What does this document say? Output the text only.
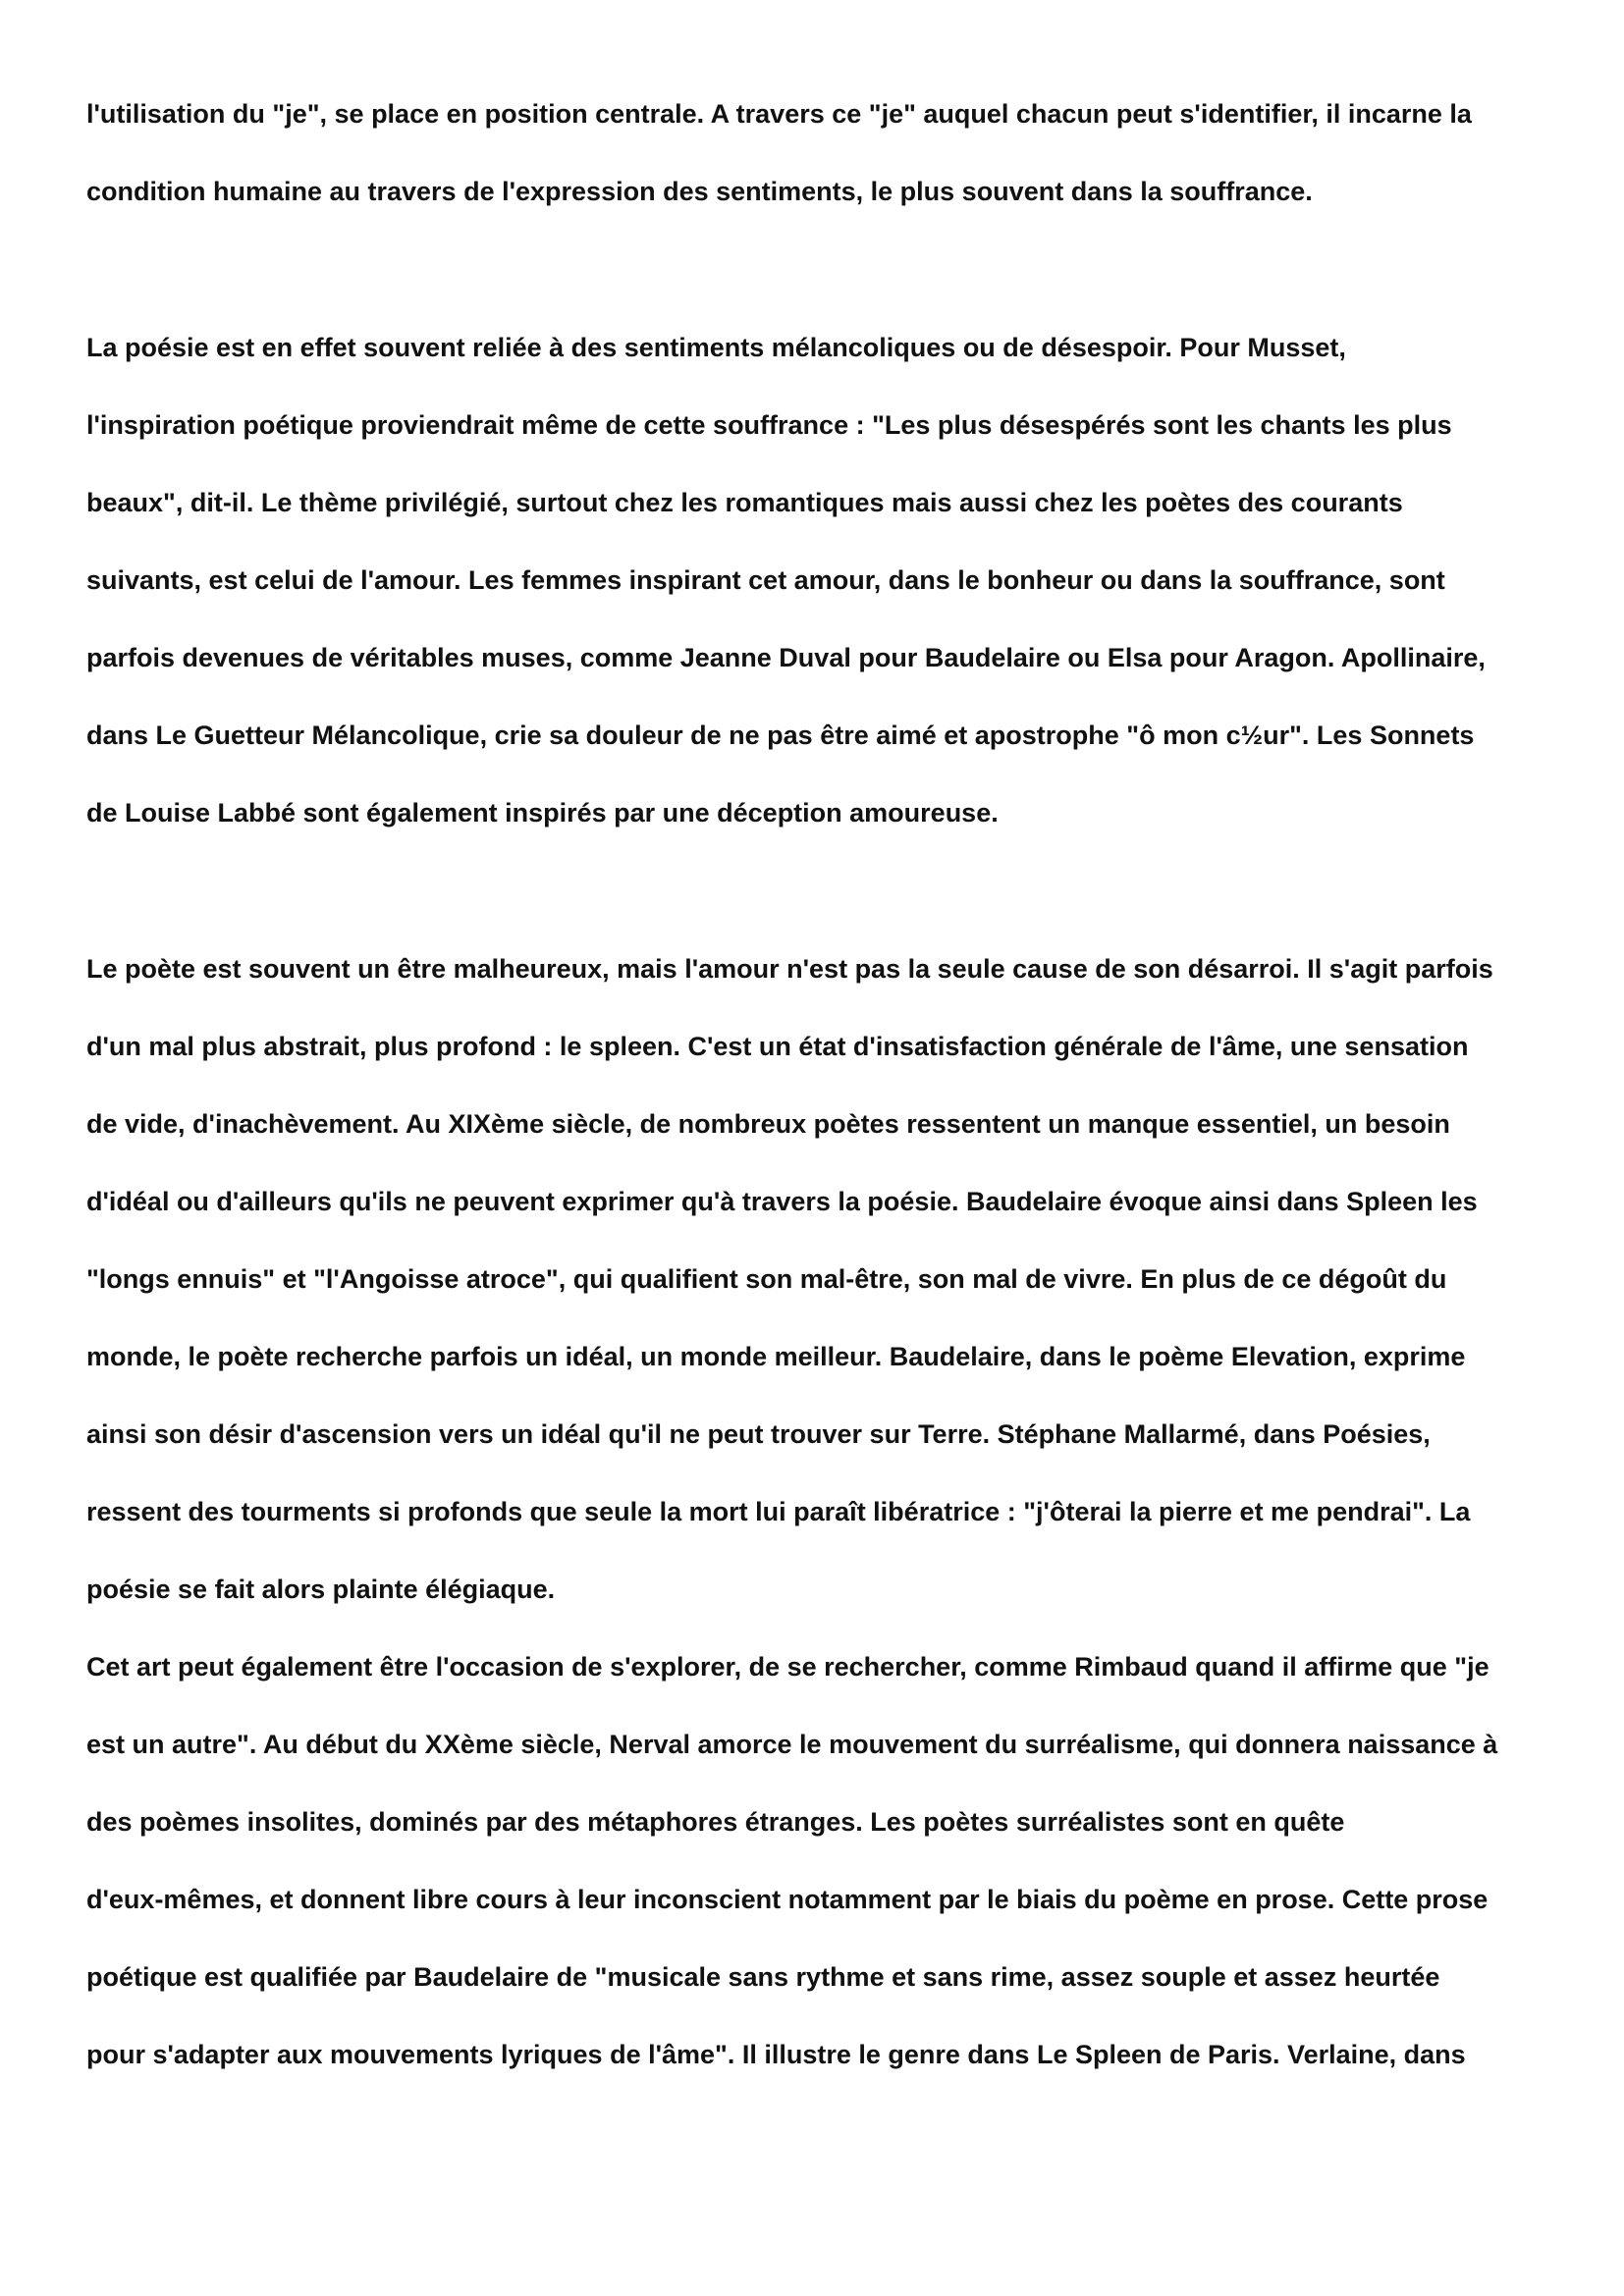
l'utilisation du "je", se place en position centrale. A travers ce "je" auquel chacun peut s'identifier, il incarne la

condition humaine au travers de l'expression des sentiments, le plus souvent dans la souffrance.

La poésie est en effet souvent reliée à des sentiments mélancoliques ou de désespoir. Pour Musset,

l'inspiration poétique proviendrait même de cette souffrance : "Les plus désespérés sont les chants les plus

beaux", dit-il. Le thème privilégié, surtout chez les romantiques mais aussi chez les poètes des courants

suivants, est celui de l'amour. Les femmes inspirant cet amour, dans le bonheur ou dans la souffrance, sont

parfois devenues de véritables muses, comme Jeanne Duval pour Baudelaire ou Elsa pour Aragon. Apollinaire,

dans Le Guetteur Mélancolique, crie sa douleur de ne pas être aimé et apostrophe "ô mon c½ur". Les Sonnets

de Louise Labbé sont également inspirés par une déception amoureuse.

Le poète est souvent un être malheureux, mais l'amour n'est pas la seule cause de son désarroi. Il s'agit parfois

d'un mal plus abstrait, plus profond : le spleen. C'est un état d'insatisfaction générale de l'âme, une sensation

de vide, d'inachèvement. Au XIXème siècle, de nombreux poètes ressentent un manque essentiel, un besoin

d'idéal ou d'ailleurs qu'ils ne peuvent exprimer qu'à travers la poésie. Baudelaire évoque ainsi dans Spleen les

"longs ennuis" et "l'Angoisse atroce", qui qualifient son mal-être, son mal de vivre. En plus de ce dégoût du

monde, le poète recherche parfois un idéal, un monde meilleur. Baudelaire, dans le poème Elevation, exprime

ainsi son désir d'ascension vers un idéal qu'il ne peut trouver sur Terre. Stéphane Mallarmé, dans Poésies,

ressent des tourments si profonds que seule la mort lui paraît libératrice : "j'ôterai la pierre et me pendrai". La

poésie se fait alors plainte élégiaque.

Cet art peut également être l'occasion de s'explorer, de se rechercher, comme Rimbaud quand il affirme que "je

est un autre". Au début du XXème siècle, Nerval amorce le mouvement du surréalisme, qui donnera naissance à

des poèmes insolites, dominés par des métaphores étranges. Les poètes surréalistes sont en quête

d'eux-mêmes, et donnent libre cours à leur inconscient notamment par le biais du poème en prose. Cette prose

poétique est qualifiée par Baudelaire de "musicale sans rythme et sans rime, assez souple et assez heurtée

pour s'adapter aux mouvements lyriques de l'âme". Il illustre le genre dans Le Spleen de Paris. Verlaine, dans
